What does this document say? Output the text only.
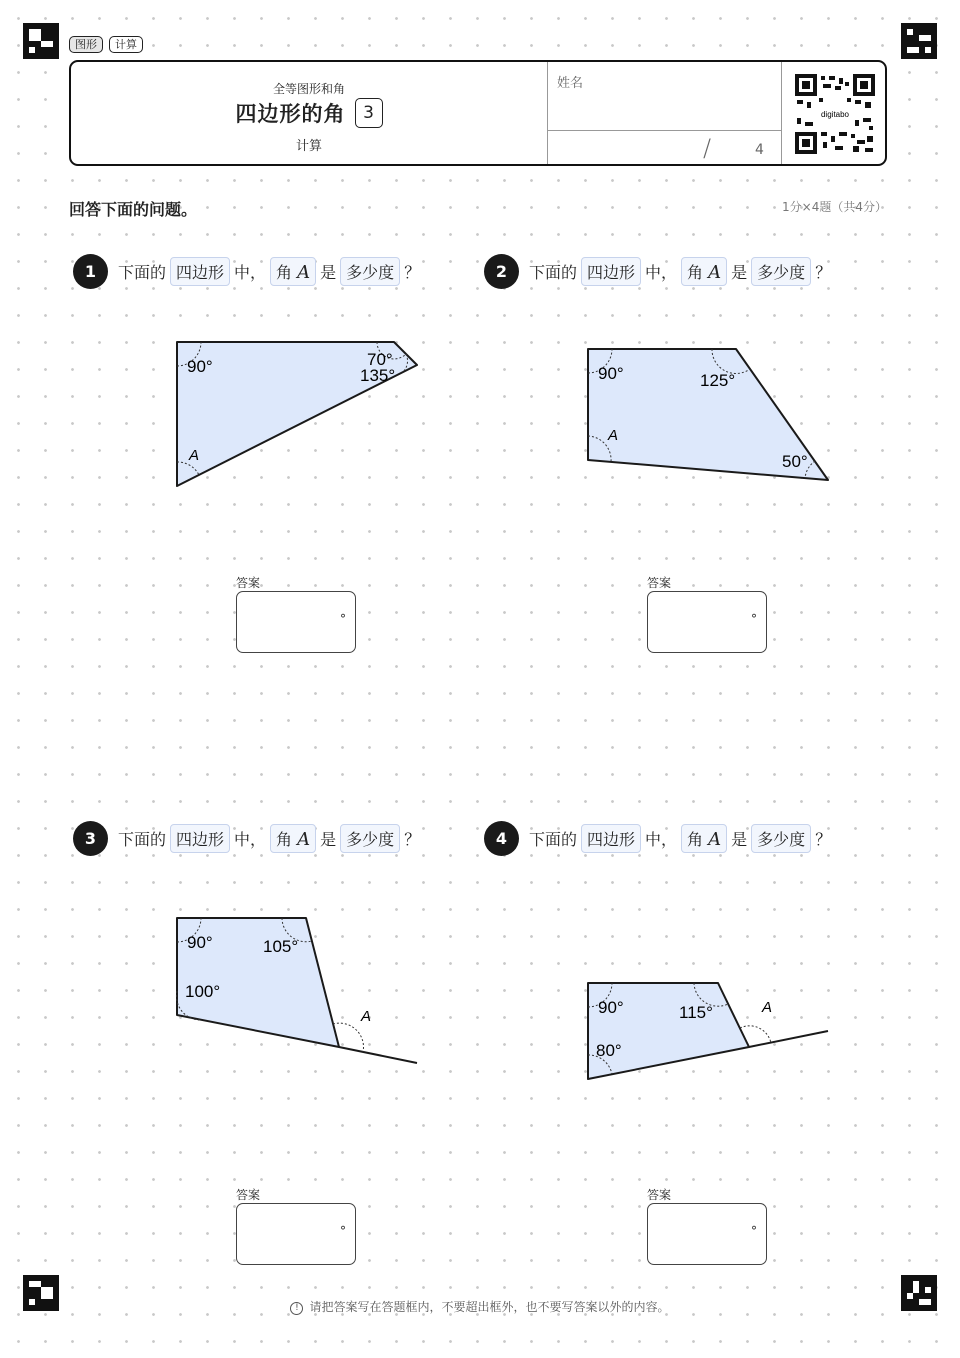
图形	计算
全等图形和角
四边形的角	3
计算
姓名
/	4
digitabo
回答下面的问题。	1分×4题（共4分）
1	下面的 四边形 中， 角 A 是 多少度 ？
90°	70°
135°
A
答案
°
2	下面的 四边形 中， 角 A 是 多少度 ？
90°	125°
50°
A
答案
°
3	下面的 四边形 中， 角 A 是 多少度 ？
90°	105°
100°
A
答案
°
4	下面的 四边形 中， 角 A 是 多少度 ？
90°	115°
80°
A
答案
°
! 请把答案写在答题框内，不要超出框外，也不要写答案以外的内容。
